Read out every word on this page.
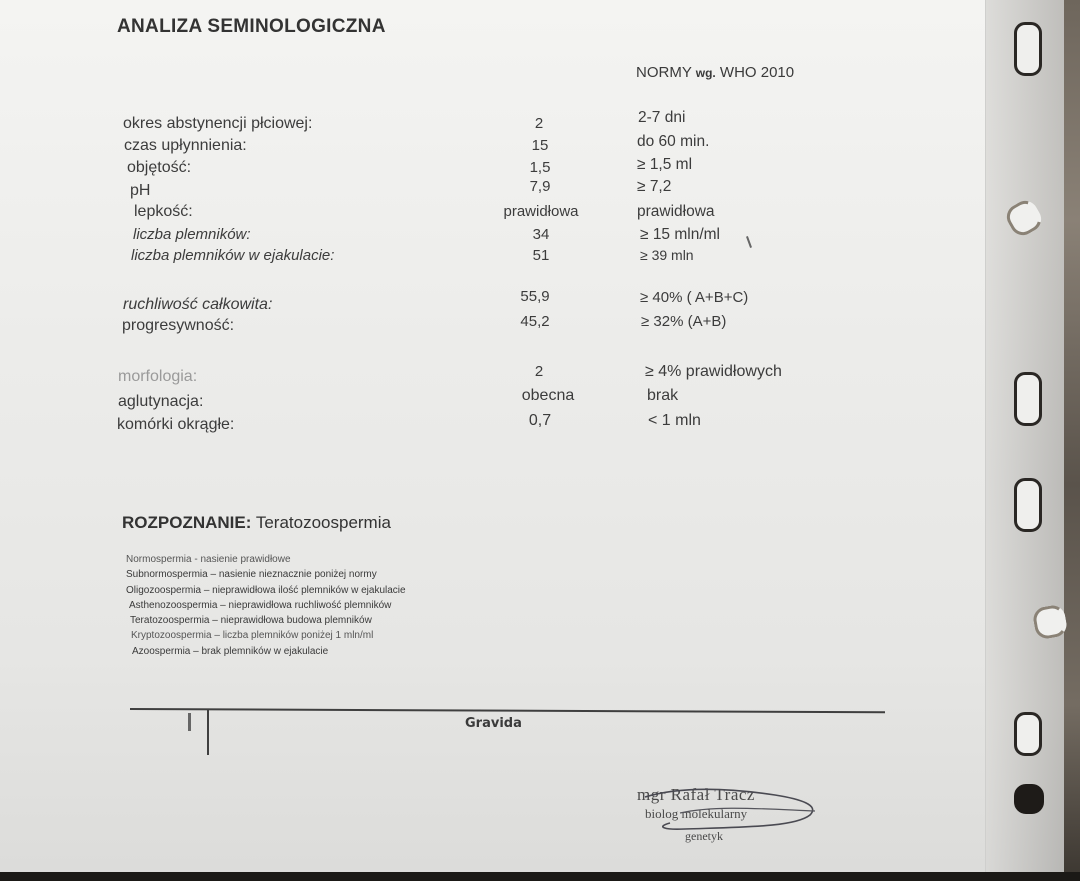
ANALIZA SEMINOLOGICZNA
NORMY wg. WHO 2010
okres abstynencji płciowej:	2	2-7 dni
czas upłynnienia:	15	do 60 min.
objętość:	1,5	≥ 1,5 ml
pH	7,9	≥ 7,2
lepkość:	prawidłowa	prawidłowa
liczba plemników:	34	≥ 15 mln/ml
liczba plemników w ejakulacie:	51	≥ 39 mln
ruchliwość całkowita:	55,9	≥ 40% ( A+B+C)
progresywność:	45,2	≥ 32% (A+B)
morfologia:	2	≥ 4% prawidłowych
aglutynacja:	obecna	brak
komórki okrągłe:	0,7	< 1 mln
ROZPOZNANIE: Teratozoospermia
Normospermia - nasienie prawidłowe
Subnormospermia – nasienie nieznacznie poniżej normy
Oligozoospermia – nieprawidłowa ilość plemników w ejakulacie
Asthenozoospermia – nieprawidłowa ruchliwość plemników
Teratozoospermia – nieprawidłowa budowa plemników
Kryptozoospermia – liczba plemników poniżej 1 mln/ml
Azoospermia – brak plemników w ejakulacie
Gravida
mgr Rafał Tracz
biolog molekularny
genetyk
